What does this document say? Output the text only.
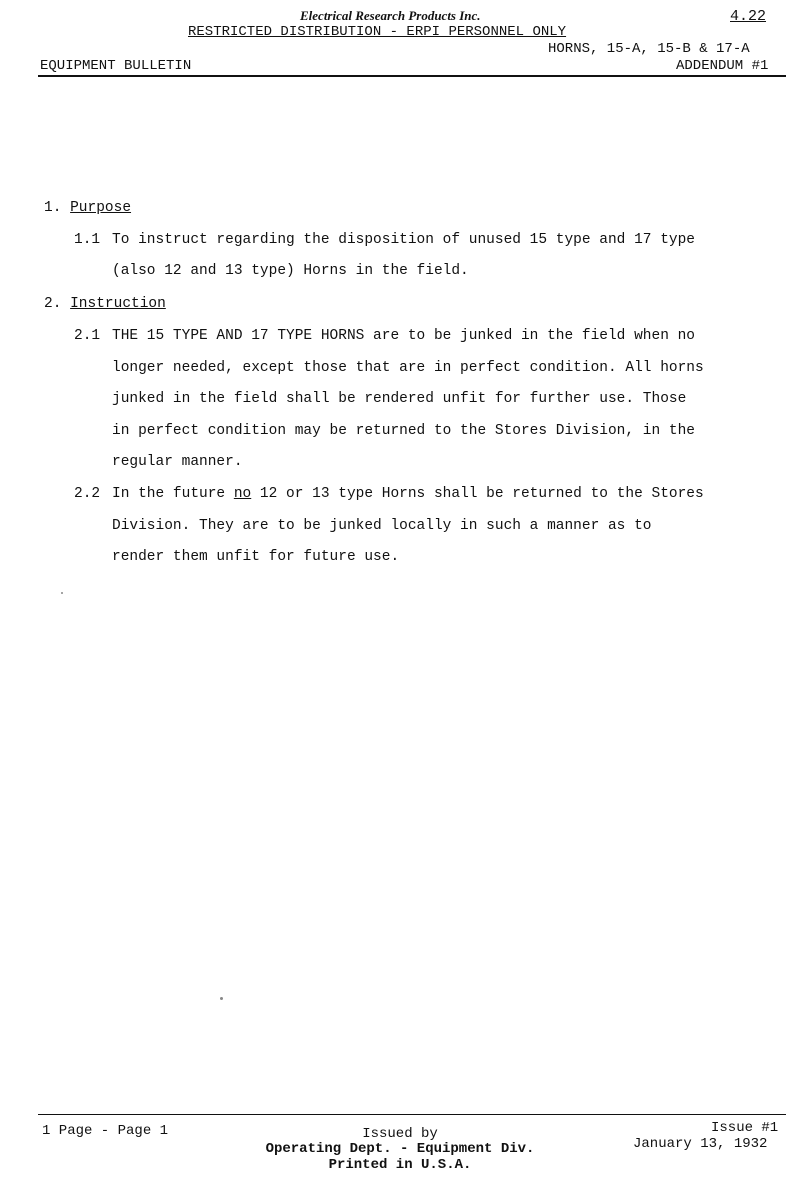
Electrical Research Products Inc.	4.22
RESTRICTED DISTRIBUTION - ERPI PERSONNEL ONLY
HORNS, 15-A, 15-B & 17-A
EQUIPMENT BULLETIN	ADDENDUM #1
1. Purpose
1.1 To instruct regarding the disposition of unused 15 type and 17 type
(also 12 and 13 type) Horns in the field.
2. Instruction
2.1 THE 15 TYPE AND 17 TYPE HORNS are to be junked in the field when no
longer needed, except those that are in perfect condition. All horns
junked in the field shall be rendered unfit for further use. Those
in perfect condition may be returned to the Stores Division, in the
regular manner.
2.2 In the future no 12 or 13 type Horns shall be returned to the Stores
Division. They are to be junked locally in such a manner as to
render them unfit for future use.
1 Page - Page 1	Issued by
Operating Dept. - Equipment Div.
Printed in U.S.A.
Issue #1
January 13, 1932
